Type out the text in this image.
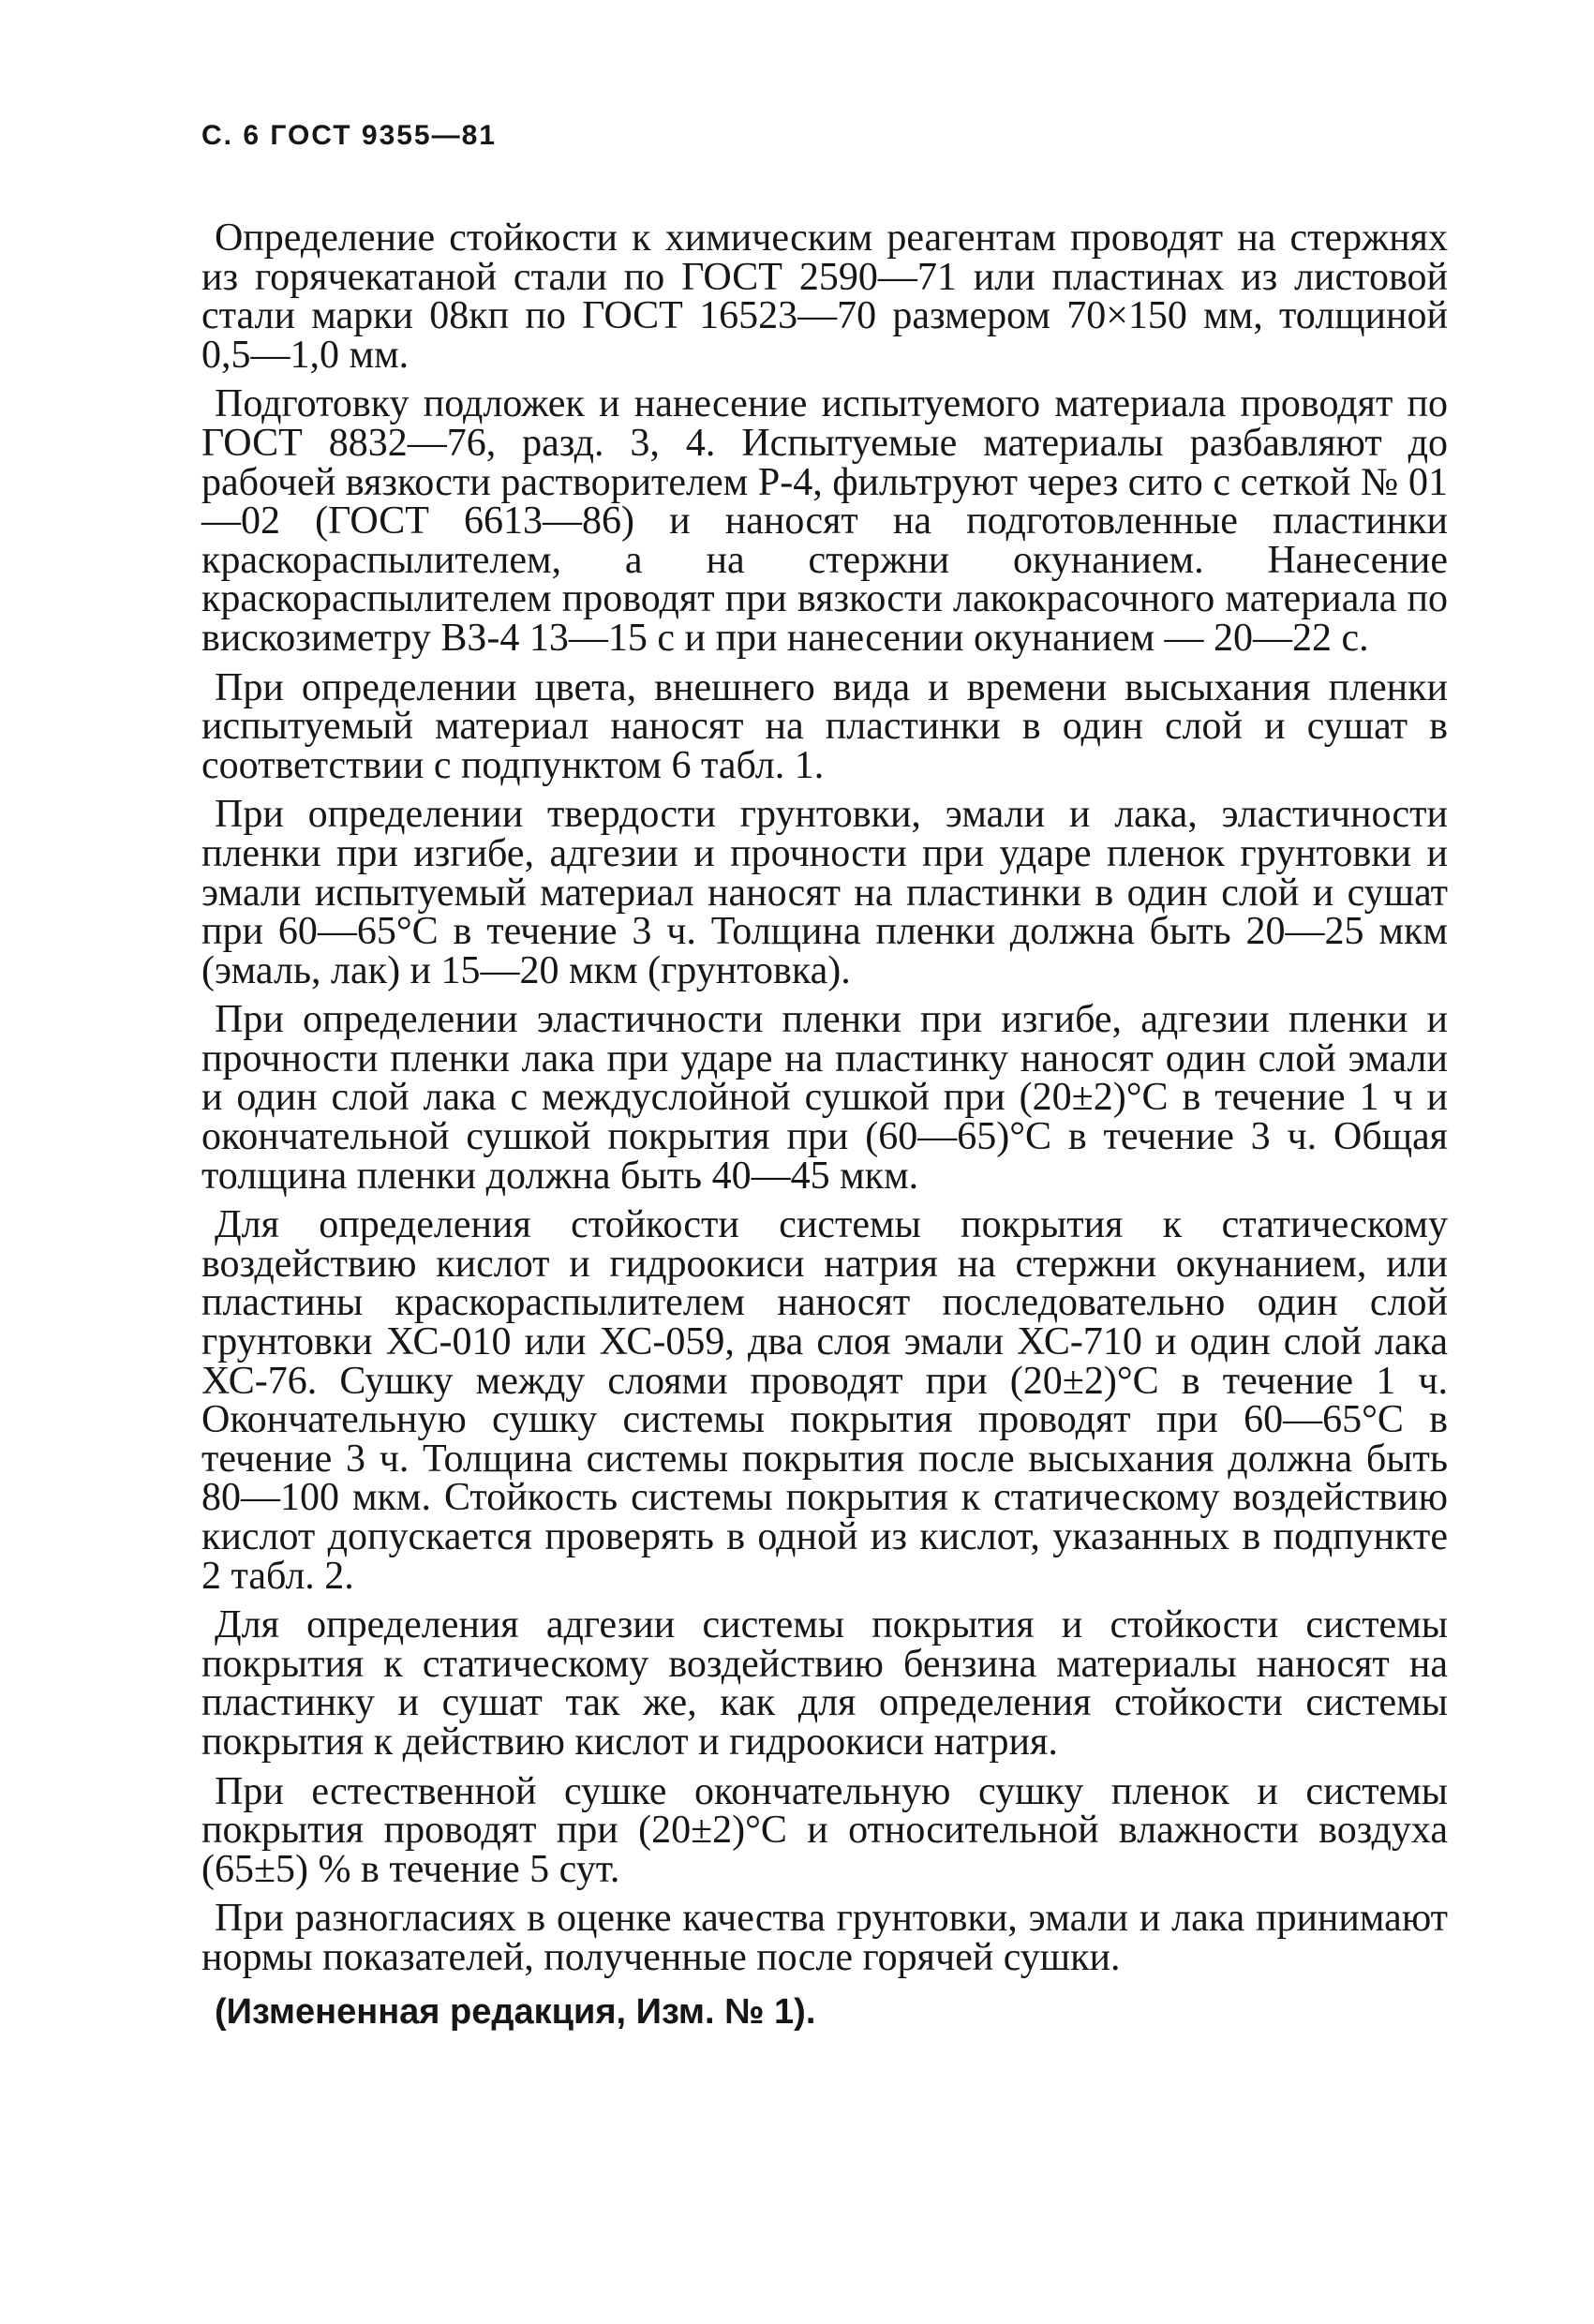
С. 6 ГОСТ 9355—81

Определение стойкости к химическим реагентам проводят на стержнях из горячекатаной стали по ГОСТ 2590—71 или пластинах из листовой стали марки 08кп по ГОСТ 16523—70 размером 70×150 мм, толщиной 0,5—1,0 мм.

Подготовку подложек и нанесение испытуемого материала проводят по ГОСТ 8832—76, разд. 3, 4. Испытуемые материалы разбавляют до рабочей вязкости растворителем Р-4, фильтруют через сито с сеткой № 01—02 (ГОСТ 6613—86) и наносят на подготовленные пластинки краскораспылителем, а на стержни окунанием. Нанесение краскораспылителем проводят при вязкости лакокрасочного материала по вискозиметру ВЗ-4 13—15 с и при нанесении окунанием — 20—22 с.

При определении цвета, внешнего вида и времени высыхания пленки испытуемый материал наносят на пластинки в один слой и сушат в соответствии с подпунктом 6 табл. 1.

При определении твердости грунтовки, эмали и лака, эластичности пленки при изгибе, адгезии и прочности при ударе пленок грунтовки и эмали испытуемый материал наносят на пластинки в один слой и сушат при 60—65°С в течение 3 ч. Толщина пленки должна быть 20—25 мкм (эмаль, лак) и 15—20 мкм (грунтовка).

При определении эластичности пленки при изгибе, адгезии пленки и прочности пленки лака при ударе на пластинку наносят один слой эмали и один слой лака с междуслойной сушкой при (20±2)°С в течение 1 ч и окончательной сушкой покрытия при (60—65)°С в течение 3 ч. Общая толщина пленки должна быть 40—45 мкм.

Для определения стойкости системы покрытия к статическому воздействию кислот и гидроокиси натрия на стержни окунанием, или пластины краскораспылителем наносят последовательно один слой грунтовки ХС-010 или ХС-059, два слоя эмали ХС-710 и один слой лака ХС-76. Сушку между слоями проводят при (20±2)°С в течение 1 ч. Окончательную сушку системы покрытия проводят при 60—65°С в течение 3 ч. Толщина системы покрытия после высыхания должна быть 80—100 мкм. Стойкость системы покрытия к статическому воздействию кислот допускается проверять в одной из кислот, указанных в подпункте 2 табл. 2.

Для определения адгезии системы покрытия и стойкости системы покрытия к статическому воздействию бензина материалы наносят на пластинку и сушат так же, как для определения стойкости системы покрытия к действию кислот и гидроокиси натрия.

При естественной сушке окончательную сушку пленок и системы покрытия проводят при (20±2)°С и относительной влажности воздуха (65±5) % в течение 5 сут.

При разногласиях в оценке качества грунтовки, эмали и лака принимают нормы показателей, полученные после горячей сушки.

(Измененная редакция, Изм. № 1).
